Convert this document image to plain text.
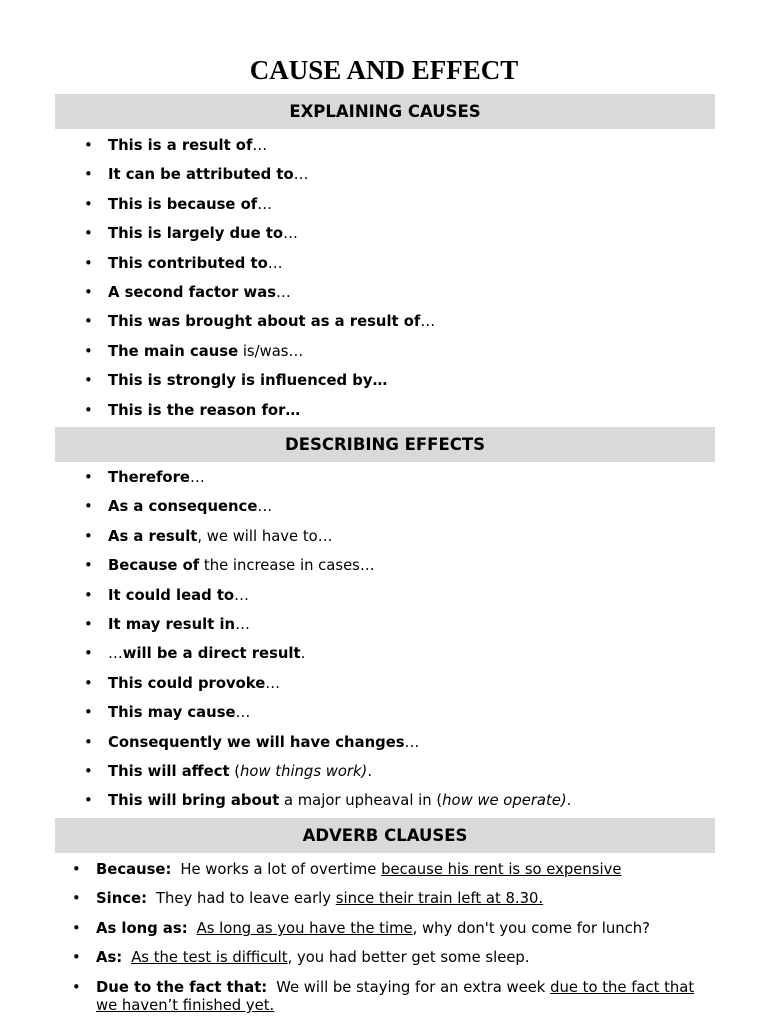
CAUSE AND EFFECT
EXPLAINING CAUSES
• This is a result of…
• It can be attributed to…
• This is because of…
• This is largely due to…
• This contributed to…
• A second factor was…
• This was brought about as a result of…
• The main cause is/was…
• This is strongly is influenced by…
• This is the reason for…
DESCRIBING EFFECTS
• Therefore…
• As a consequence…
• As a result, we will have to…
• Because of the increase in cases…
• It could lead to…
• It may result in…
• …will be a direct result.
• This could provoke…
• This may cause…
• Consequently we will have changes…
• This will affect (how things work).
• This will bring about a major upheaval in (how we operate).
ADVERB CLAUSES
• Because: He works a lot of overtime because his rent is so expensive
• Since: They had to leave early since their train left at 8.30.
• As long as: As long as you have the time, why don't you come for lunch?
• As: As the test is difficult, you had better get some sleep.
• Due to the fact that: We will be staying for an extra week due to the fact that we haven’t finished yet.
